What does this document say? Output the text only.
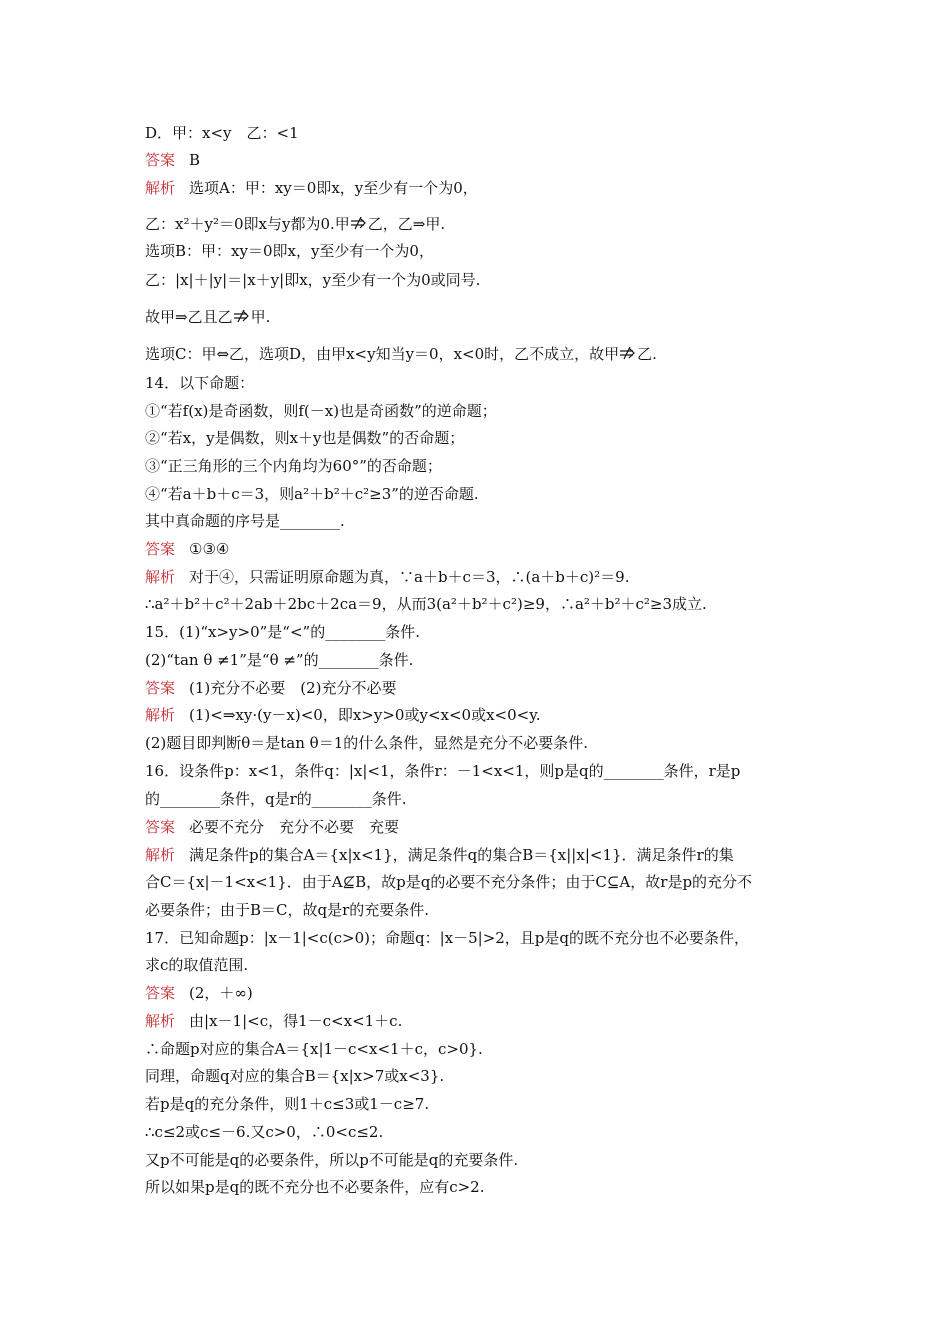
D．甲：x<y　乙：<1
答案 B
解析 选项A：甲：xy＝0即x，y至少有一个为0，
乙：x²＋y²＝0即x与y都为0.甲 乙，乙⇒甲.
选项B：甲：xy＝0即x，y至少有一个为0，
乙：|x|＋|y|＝|x＋y|即x，y至少有一个为0或同号.
故甲⇒乙且乙 甲.
选项C：甲⇔乙，选项D，由甲x<y知当y＝0，x<0时，乙不成立，故甲 乙.
14．以下命题：
①“若f(x)是奇函数，则f(－x)也是奇函数”的逆命题；
②“若x，y是偶数，则x＋y也是偶数”的否命题；
③“正三角形的三个内角均为60°”的否命题；
④“若a＋b＋c＝3，则a²＋b²＋c²≥3”的逆否命题.
其中真命题的序号是________.
答案 ①③④
解析 对于④，只需证明原命题为真，∵a＋b＋c＝3，∴(a＋b＋c)²＝9.
∴a²＋b²＋c²＋2ab＋2bc＋2ca＝9，从而3(a²＋b²＋c²)≥9，∴a²＋b²＋c²≥3成立.
15．(1)“x>y>0”是“<”的________条件.
(2)“tan θ ≠1”是“θ ≠”的________条件.
答案 (1)充分不必要　(2)充分不必要
解析 (1)<⇒xy·(y－x)<0，即x>y>0或y<x<0或x<0<y.
(2)题目即判断θ＝是tan θ＝1的什么条件，显然是充分不必要条件.
16．设条件p：x<1，条件q：|x|<1，条件r：－1<x<1，则p是q的________条件，r是p
的________条件，q是r的________条件.
答案 必要不充分　充分不必要　充要
解析 满足条件p的集合A＝{x|x<1}，满足条件q的集合B＝{x||x|<1}．满足条件r的集
合C＝{x|－1<x<1}．由于A⊈B，故p是q的必要不充分条件；由于C⊆A，故r是p的充分不
必要条件；由于B＝C，故q是r的充要条件.
17．已知命题p：|x－1|<c(c>0)；命题q：|x－5|>2，且p是q的既不充分也不必要条件，
求c的取值范围.
答案 (2，＋∞)
解析 由|x－1|<c，得1－c<x<1＋c.
∴命题p对应的集合A＝{x|1－c<x<1＋c，c>0}.
同理，命题q对应的集合B＝{x|x>7或x<3}.
若p是q的充分条件，则1＋c≤3或1－c≥7.
∴c≤2或c≤－6.又c>0，∴0<c≤2.
又p不可能是q的必要条件，所以p不可能是q的充要条件.
所以如果p是q的既不充分也不必要条件，应有c>2.
